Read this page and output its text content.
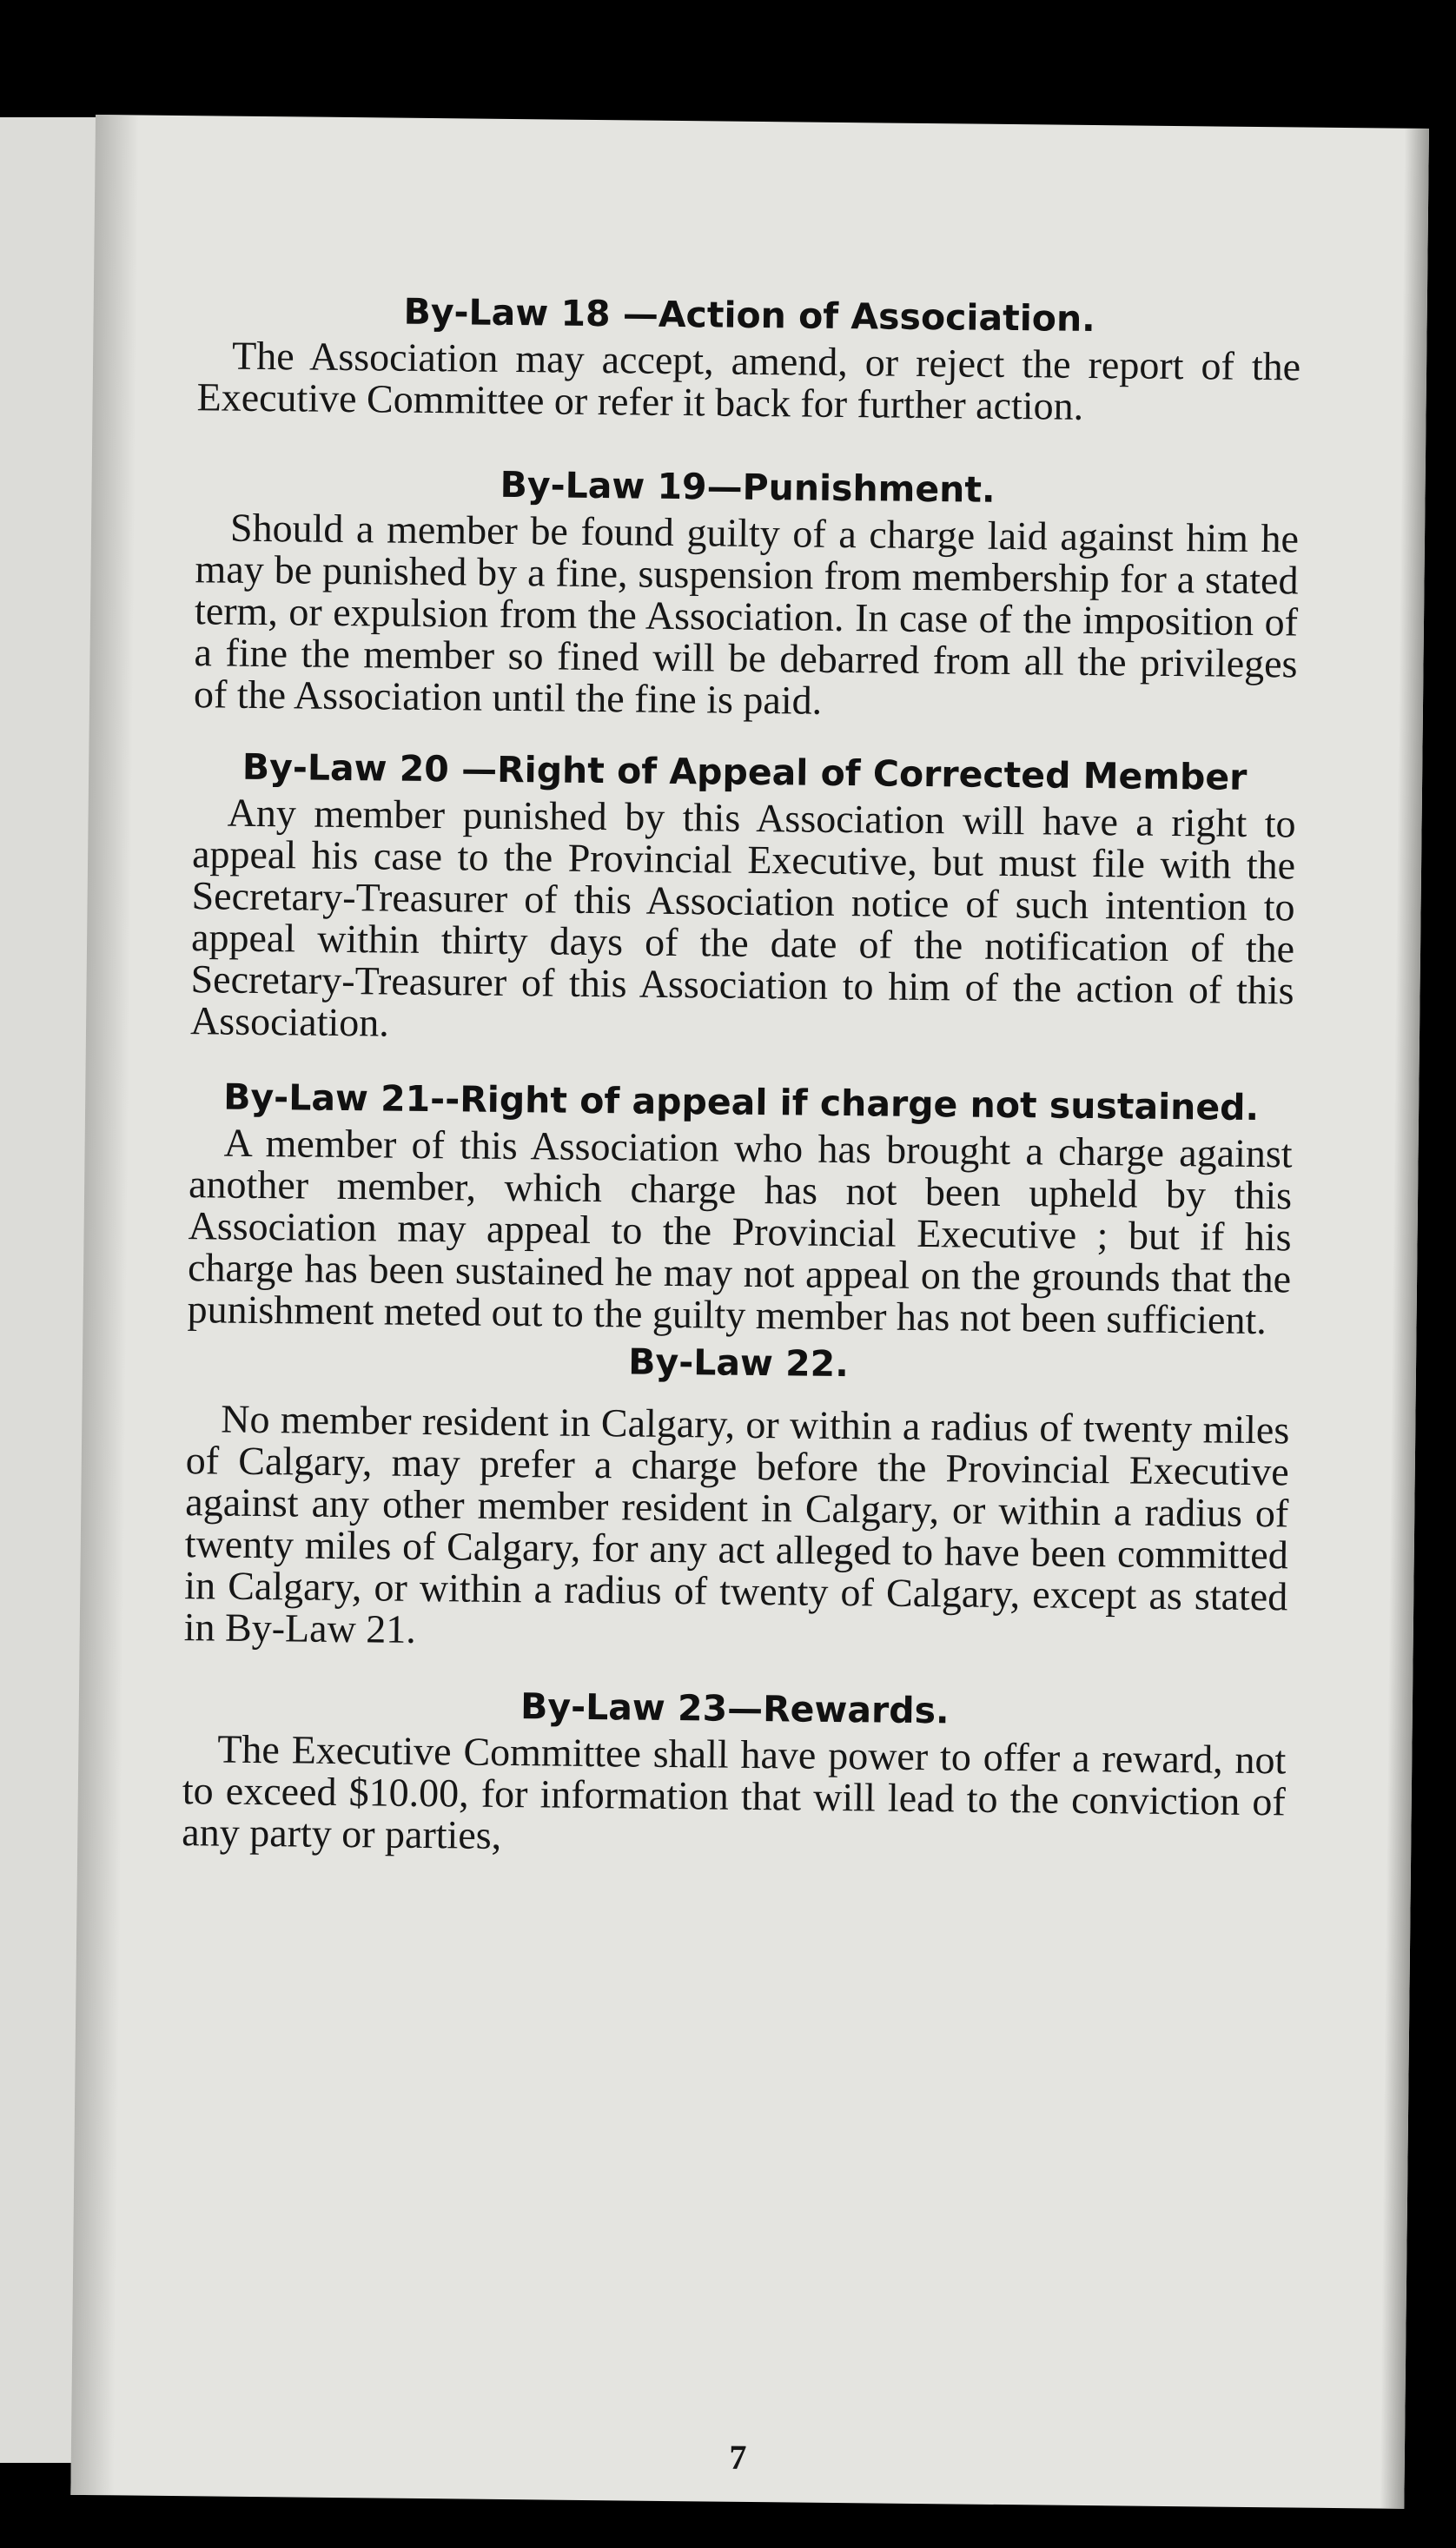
By-Law 18 —Action of Association.

The Association may accept, amend, or reject the report of the Executive Committee or refer it back for further action.

By-Law 19—Punishment.

Should a member be found guilty of a charge laid against him he may be punished by a fine, suspension from membership for a stated term, or expulsion from the Association. In case of the imposition of a fine the member so fined will be debarred from all the privileges of the Association until the fine is paid.

By-Law 20 —Right of Appeal of Corrected Member

Any member punished by this Association will have a right to appeal his case to the Provincial Executive, but must file with the Secretary-Treasurer of this Association notice of such intention to appeal within thirty days of the date of the notification of the Secretary-Treasurer of this Association to him of the action of this Association.

By-Law 21--Right of appeal if charge not sustained.

A member of this Association who has brought a charge against another member, which charge has not been upheld by this Association may appeal to the Provincial Executive ; but if his charge has been sustained he may not appeal on the grounds that the punishment meted out to the guilty member has not been sufficient.

By-Law 22.

No member resident in Calgary, or within a radius of twenty miles of Calgary, may prefer a charge before the Provincial Executive against any other member resident in Calgary, or within a radius of twenty miles of Calgary, for any act alleged to have been committed in Calgary, or within a radius of twenty of Calgary, except as stated in By-Law 21.

By-Law 23—Rewards.

The Executive Committee shall have power to offer a reward, not to exceed $10.00, for information that will lead to the conviction of any party or parties,

7
